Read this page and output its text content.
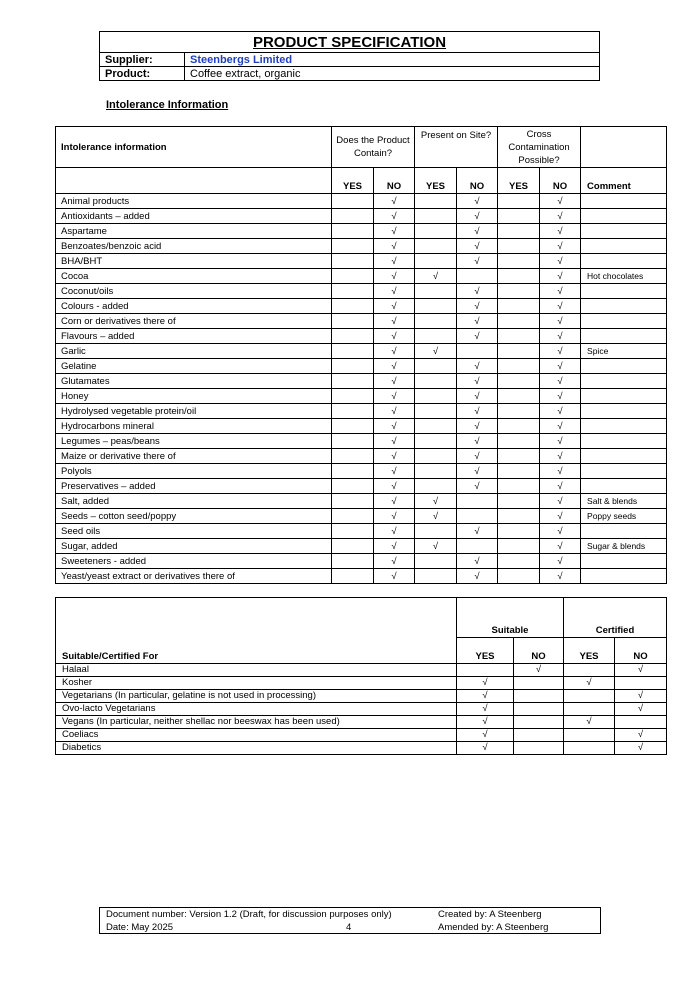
PRODUCT SPECIFICATION	
Supplier:	Steenbergs Limited
Product:	Coffee extract, organic
Intolerance Information
Intolerance information	Does the Product Contain?		Present on Site?		Cross Contamination Possible?		
	YES	NO	YES	NO	YES	NO	Comment
Animal products		√		√		√	
Antioxidants – added		√		√		√	
Aspartame		√		√		√	
Benzoates/benzoic acid		√		√		√	
BHA/BHT		√		√		√	
Cocoa		√	√			√	Hot chocolates
Coconut/oils		√		√		√	
Colours - added		√		√		√	
Corn or derivatives there of		√		√		√	
Flavours – added		√		√		√	
Garlic		√	√			√	Spice
Gelatine		√		√		√	
Glutamates		√		√		√	
Honey		√		√		√	
Hydrolysed vegetable protein/oil		√		√		√	
Hydrocarbons mineral		√		√		√	
Legumes – peas/beans		√		√		√	
Maize or derivative there of		√		√		√	
Polyols		√		√		√	
Preservatives – added		√		√		√	
Salt, added		√	√			√	Salt & blends
Seeds – cotton seed/poppy		√	√			√	Poppy seeds
Seed oils		√		√		√	
Sugar, added		√	√			√	Sugar & blends
Sweeteners - added		√		√		√	
Yeast/yeast extract or derivatives there of		√		√		√	

	Suitable		Certified	
Suitable/Certified For	YES	NO	YES	NO
Halaal		√		√
Kosher	√		√	
Vegetarians (In particular, gelatine is not used in processing)	√			√
Ovo-lacto Vegetarians	√			√
Vegans (In particular, neither shellac nor beeswax has been used)	√		√	
Coeliacs	√			√
Diabetics	√			√
Document number: Version 1.2 (Draft, for discussion purposes only)
Date: May 2025	4
Created by: A Steenberg
Amended by: A Steenberg
